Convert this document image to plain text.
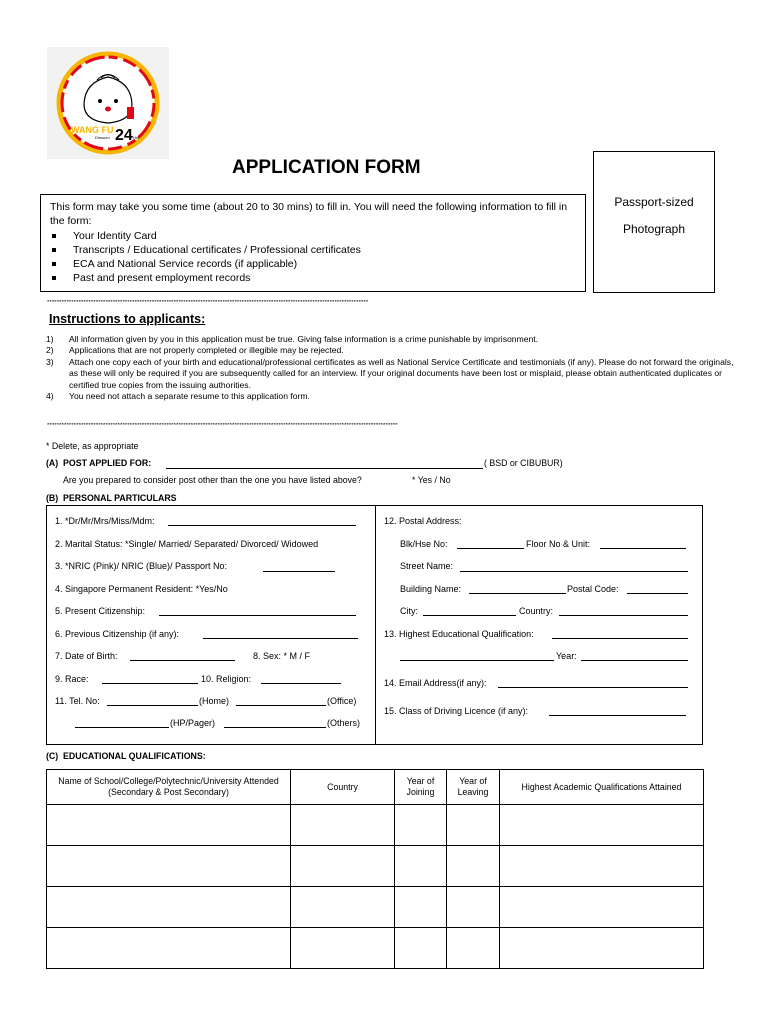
WANG FU 24
Dimsum	Hrs
APPLICATION FORM
Passport-sized
Photograph
This form may take you some time (about 20 to 30 mins) to fill in. You will need the following information to fill in the form:
Your Identity Card
Transcripts / Educational certificates / Professional certificates
ECA and National Service records (if applicable)
Past and present employment records
************************************************************************************************************************************
Instructions to applicants:
1) All information given by you in this application must be true. Giving false information is a crime punishable by imprisonment.
2) Applications that are not properly completed or illegible may be rejected.
3) Attach one copy each of your birth and educational/professional certificates as well as National Service Certificate and testimonials (if any). Please do not forward the originals, as these will only be required if you are subsequently called for an interview. If your original documents have been lost or misplaid, please obtain authenticated duplicates or certified true copies from the issuing authorities.
4) You need not attach a separate resume to this application form.
************************************************************************************************************************************************
* Delete, as appropriate
(A) POST APPLIED FOR:	( BSD or CIBUBUR)
Are you prepared to consider post other than the one you have listed above?	* Yes / No
(B) PERSONAL PARTICULARS
1. *Dr/Mr/Mrs/Miss/Mdm:
2. Marital Status: *Single/ Married/ Separated/ Divorced/ Widowed
3. *NRIC (Pink)/ NRIC (Blue)/ Passport No:
4. Singapore Permanent Resident: *Yes/No
5. Present Citizenship:
6. Previous Citizenship (if any):
7. Date of Birth:	8. Sex: * M / F
9. Race:	10. Religion:
11. Tel. No:	(Home)	(Office)
(HP/Pager)	(Others)
12. Postal Address:
Blk/Hse No:	Floor No & Unit:
Street Name:
Building Name:	Postal Code:
City:	Country:
13. Highest Educational Qualification:
Year:
14. Email Address(if any):
15. Class of Driving Licence (if any):
(C) EDUCATIONAL QUALIFICATIONS:
Name of School/College/Polytechnic/University Attended (Secondary & Post Secondary)	Country	Year of Joining	Year of Leaving	Highest Academic Qualifications Attained
